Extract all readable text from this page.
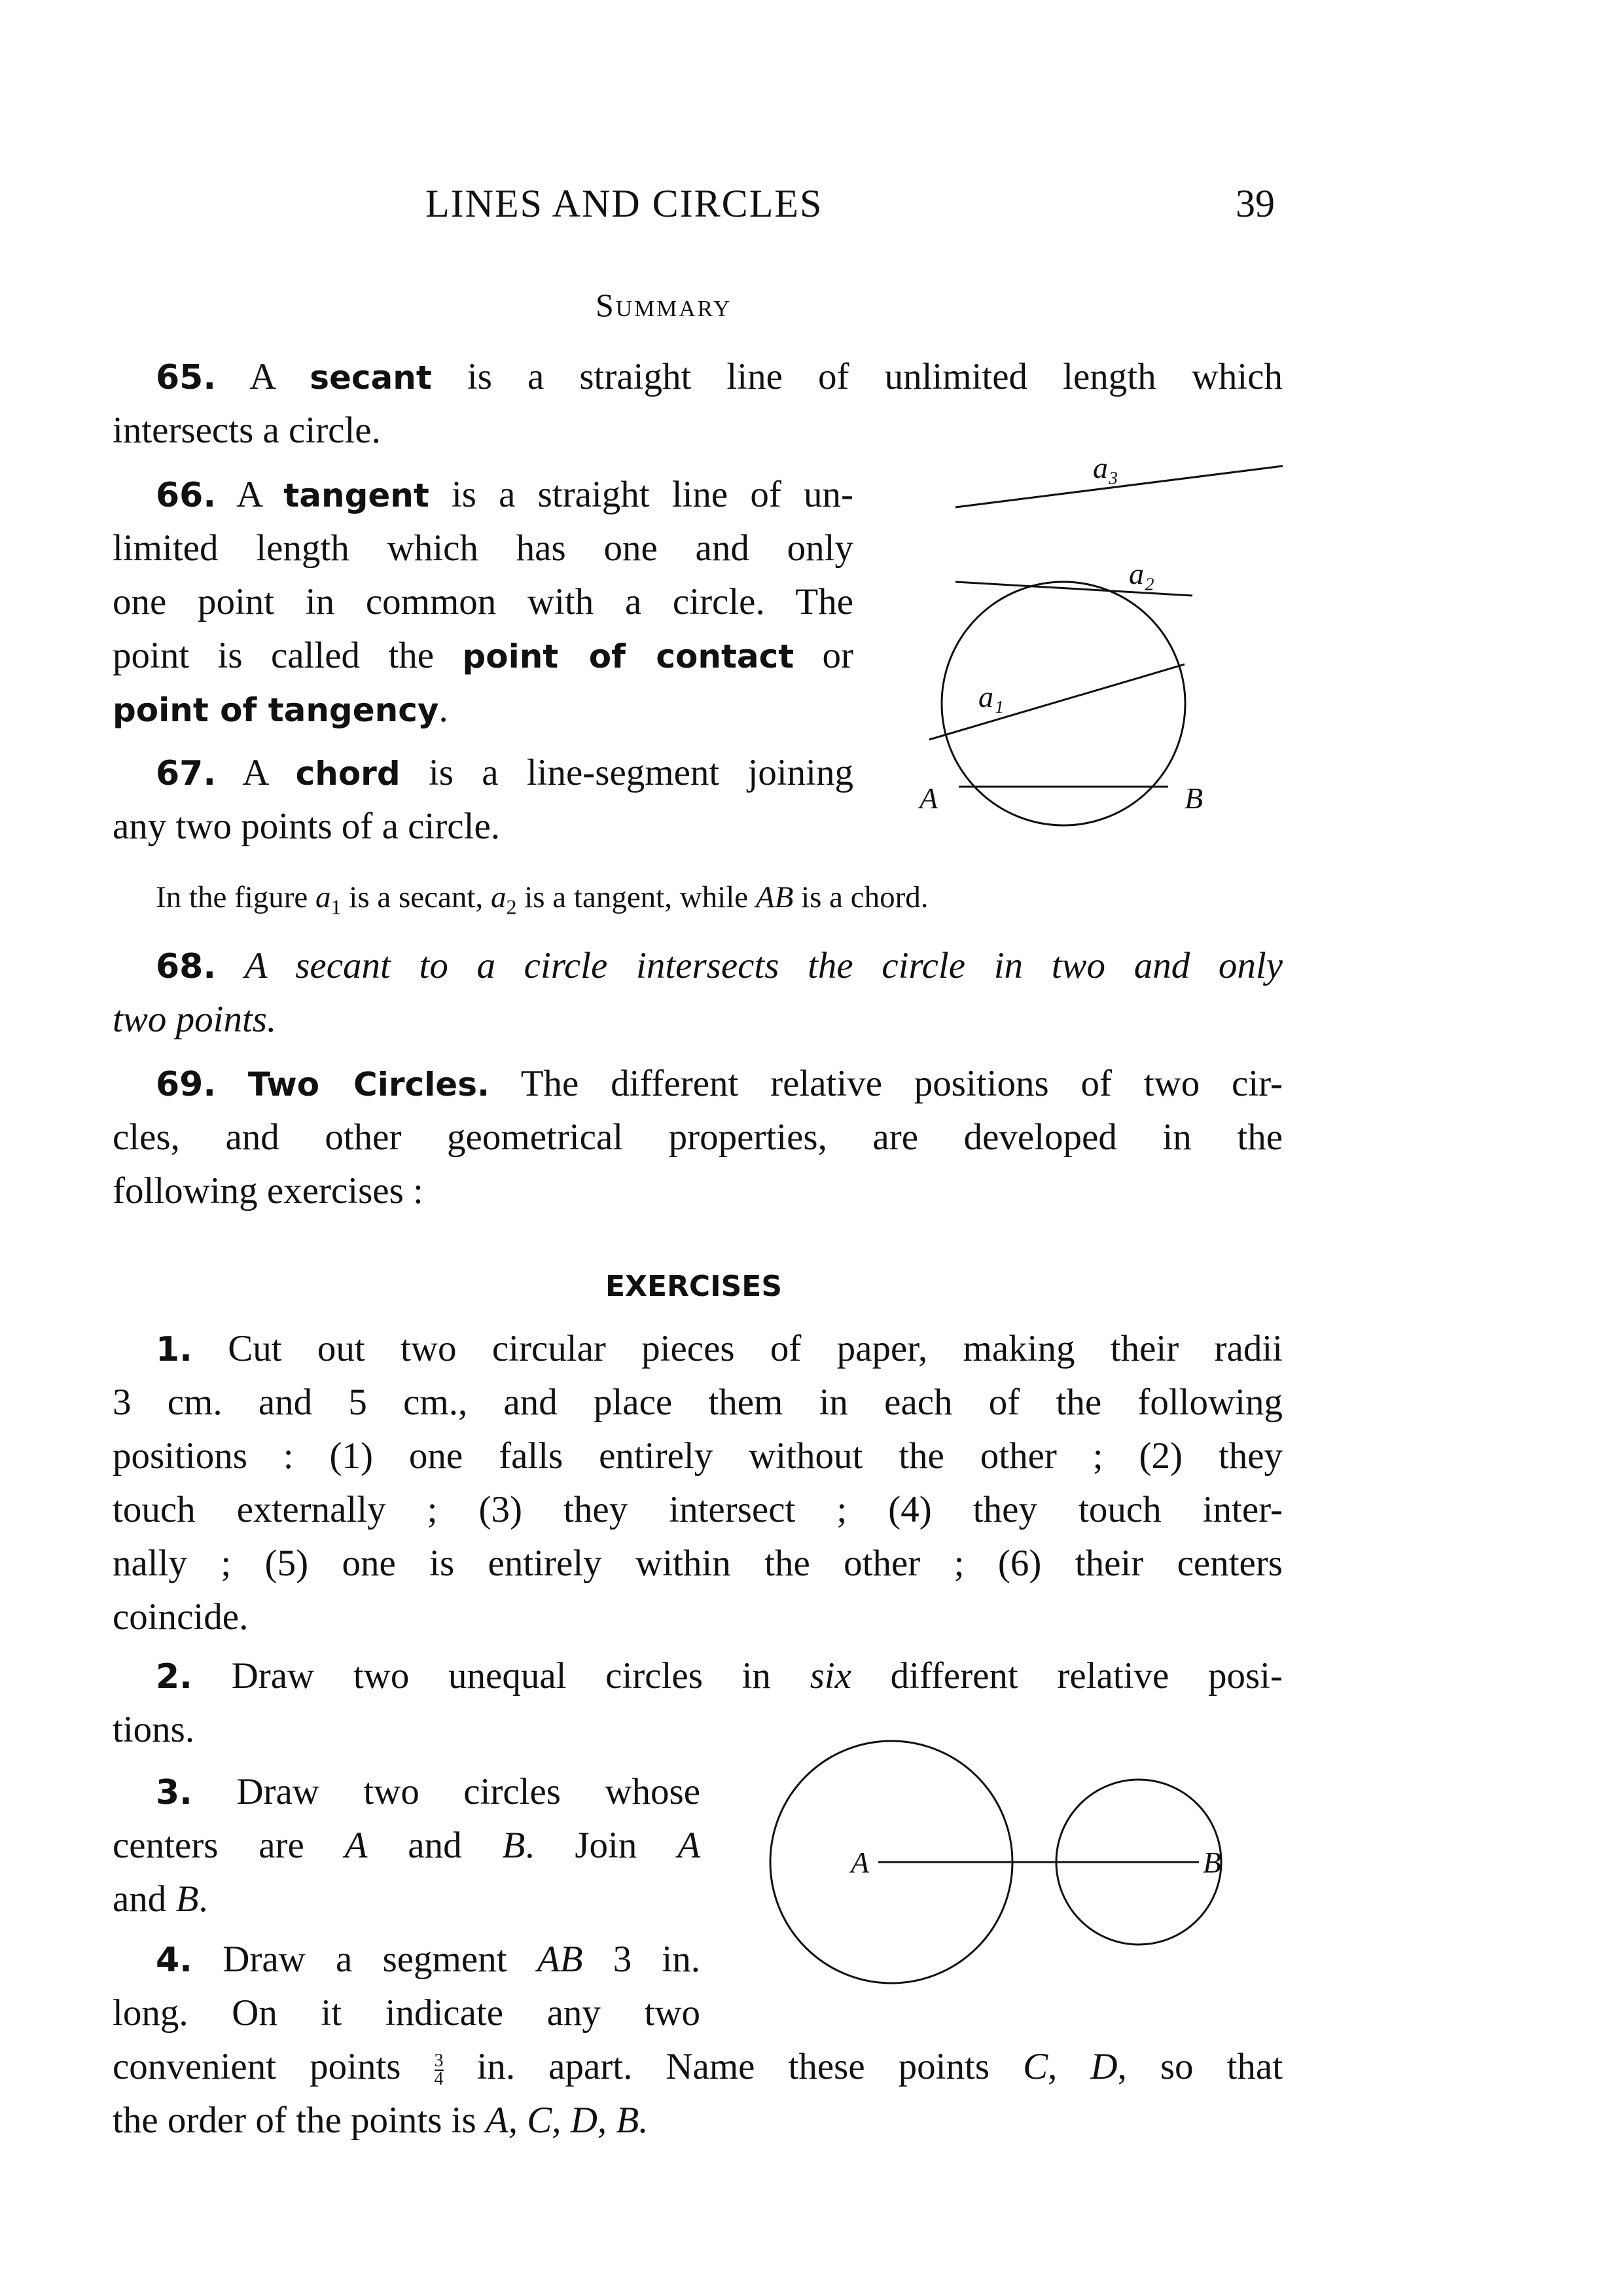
LINES AND CIRCLES	39
Summary
65. A secant is a straight line of unlimited length which
intersects a circle.
66. A tangent is a straight line of un-
limited length which has one and only
one point in common with a circle. The
point is called the point of contact or
point of tangency.
67. A chord is a line-segment joining
any two points of a circle.
a₃
a₂
a₁
A	B
In the figure $a_1$ is a secant, $a_2$ is a tangent, while AB is a chord.
68. A secant to a circle intersects the circle in two and only
two points.
69. Two Circles. The different relative positions of two cir-
cles, and other geometrical properties, are developed in the
following exercises :
EXERCISES
1. Cut out two circular pieces of paper, making their radii
3 cm. and 5 cm., and place them in each of the following
positions : (1) one falls entirely without the other ; (2) they
touch externally ; (3) they intersect ; (4) they touch inter-
nally ; (5) one is entirely within the other ; (6) their centers
coincide.
2. Draw two unequal circles in six different relative posi-
tions.
3. Draw two circles whose
centers are A and B. Join A
and B.
4. Draw a segment AB 3 in.
long. On it indicate any two
convenient points $\frac{3}{4}$ in. apart. Name these points C, D, so that
the order of the points is A, C, D, B.
A	B
